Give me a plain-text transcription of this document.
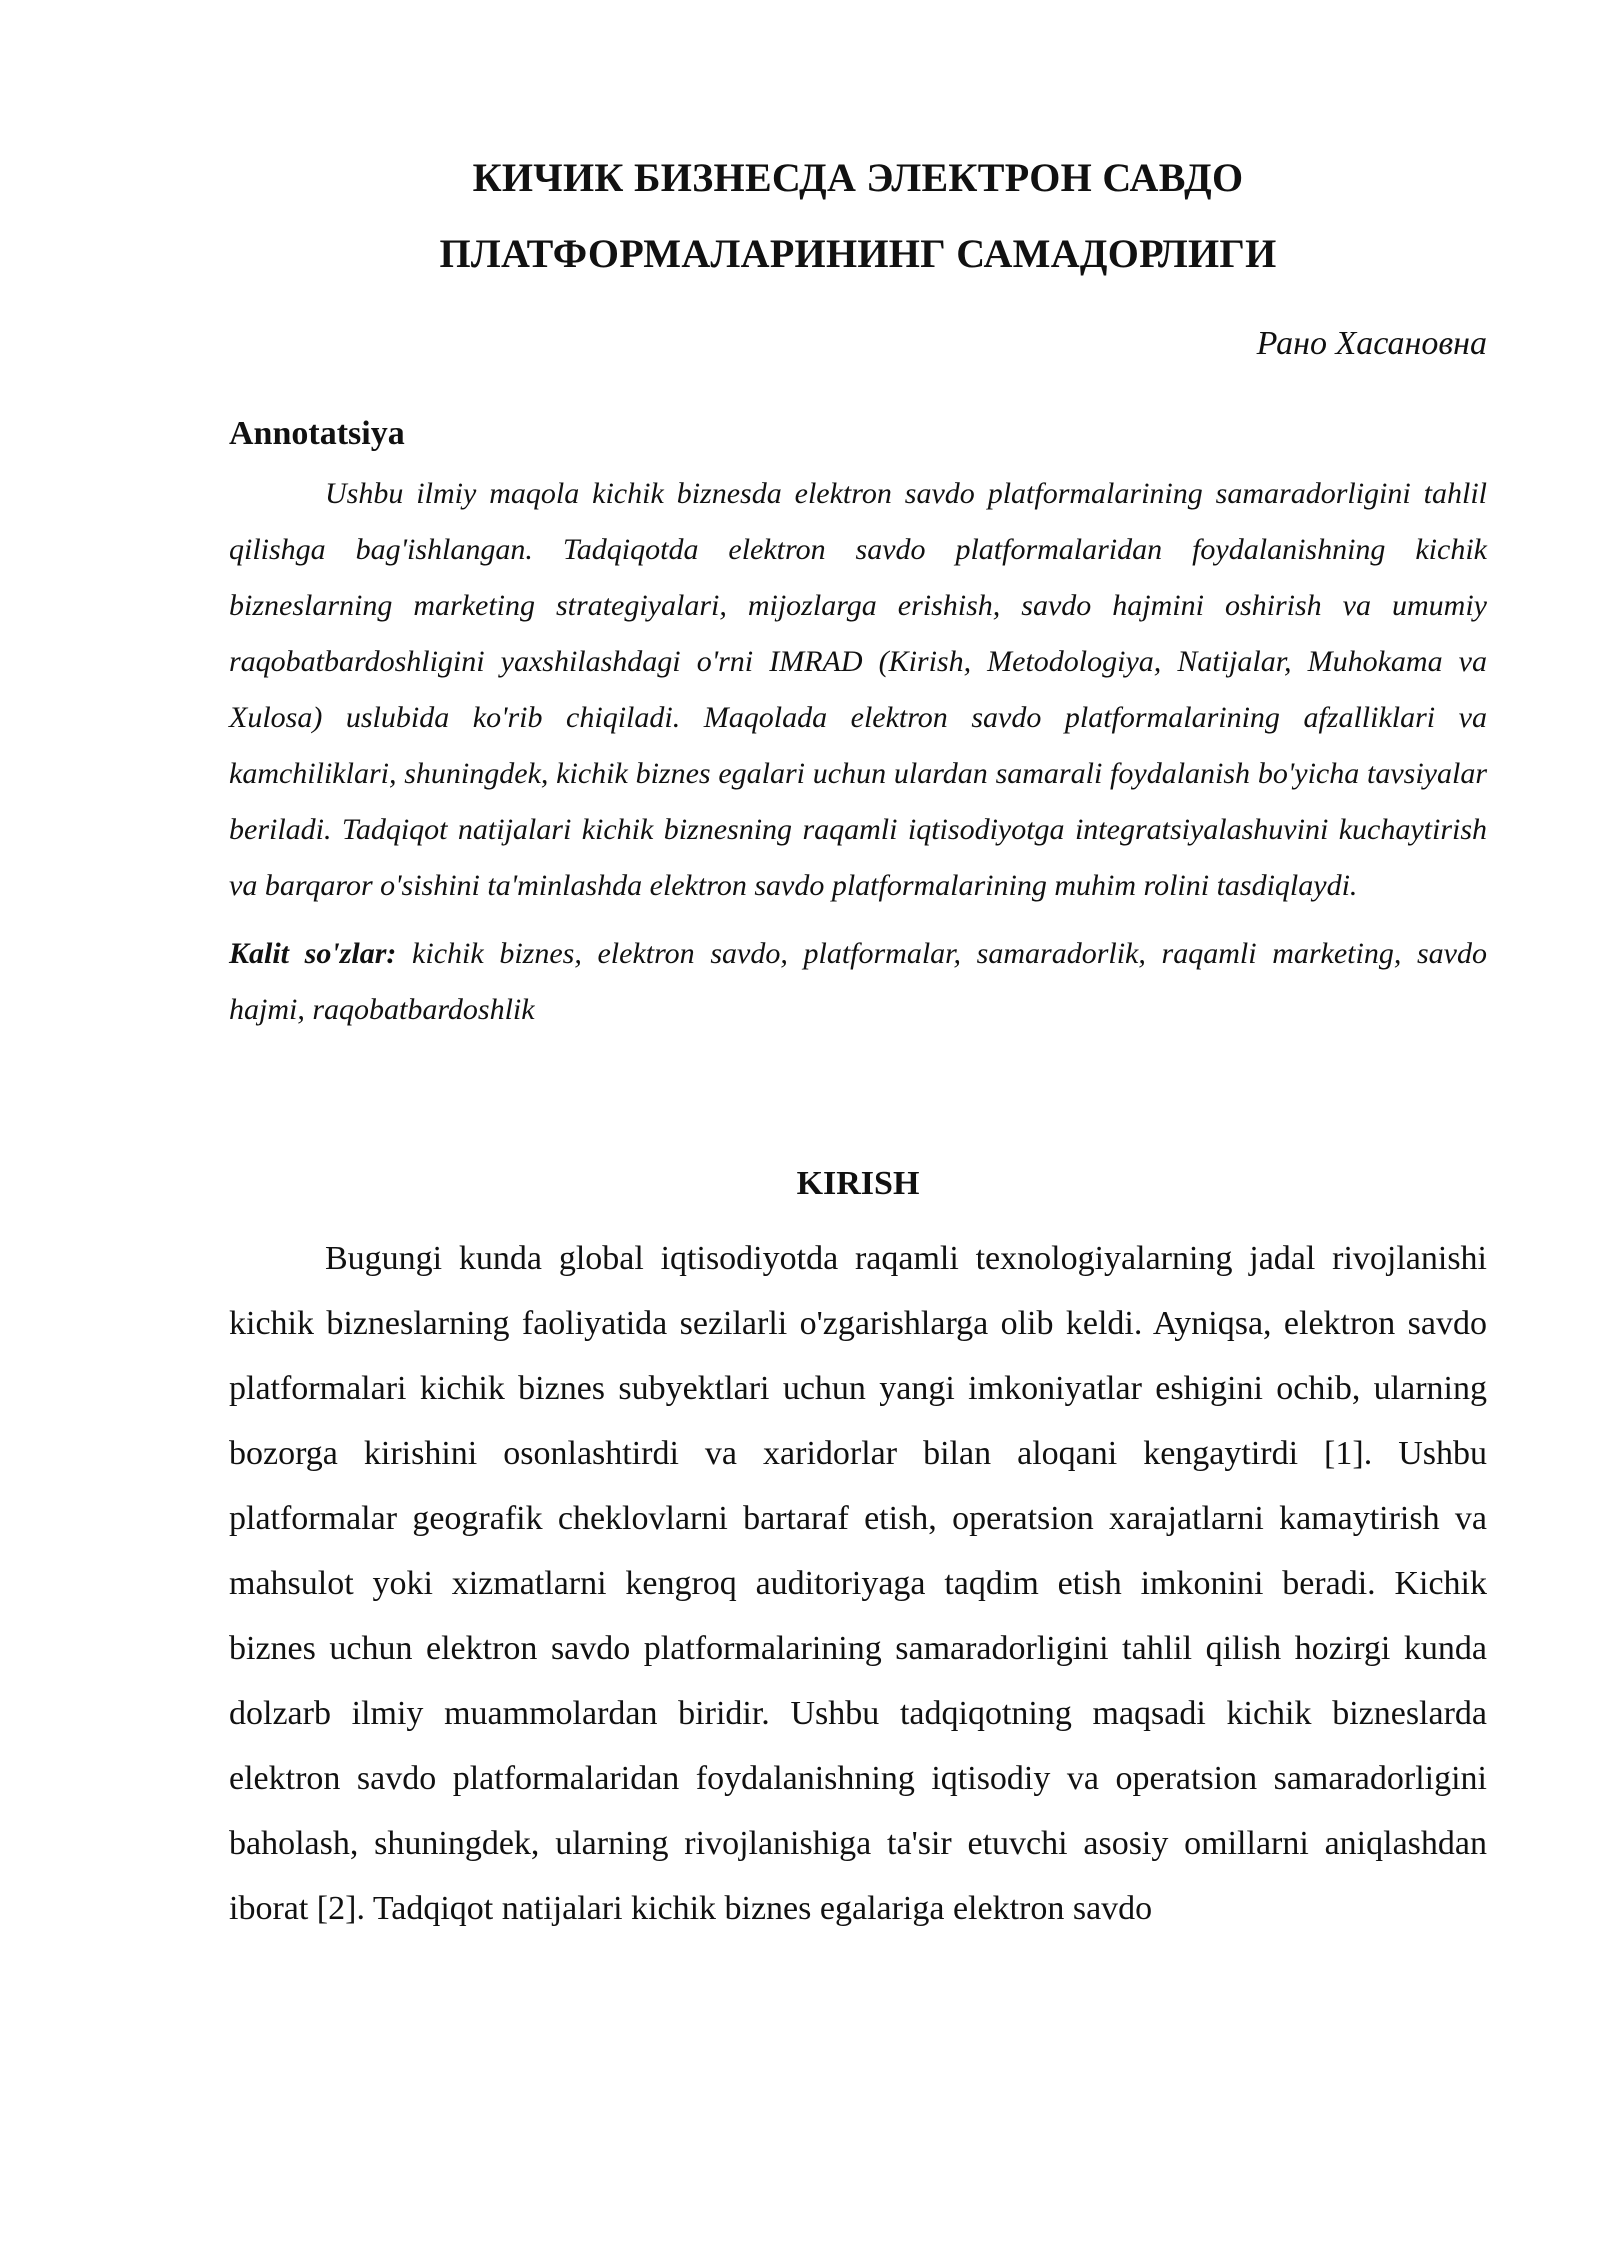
КИЧИК БИЗНЕСДА ЭЛЕКТРОН САВДО
ПЛАТФОРМАЛАРИНИНГ САМАДОРЛИГИ
Рано Хасановна
Annotatsiya

Ushbu ilmiy maqola kichik biznesda elektron savdo platformalarining samaradorligini tahlil qilishga bag'ishlangan. Tadqiqotda elektron savdo platformalaridan foydalanishning kichik bizneslarning marketing strategiyalari, mijozlarga erishish, savdo hajmini oshirish va umumiy raqobatbardoshligini yaxshilashdagi o'rni IMRAD (Kirish, Metodologiya, Natijalar, Muhokama va Xulosa) uslubida ko'rib chiqiladi. Maqolada elektron savdo platformalarining afzalliklari va kamchiliklari, shuningdek, kichik biznes egalari uchun ulardan samarali foydalanish bo'yicha tavsiyalar beriladi. Tadqiqot natijalari kichik biznesning raqamli iqtisodiyotga integratsiyalashuvini kuchaytirish va barqaror o'sishini ta'minlashda elektron savdo platformalarining muhim rolini tasdiqlaydi.

Kalit so'zlar: kichik biznes, elektron savdo, platformalar, samaradorlik, raqamli marketing, savdo hajmi, raqobatbardoshlik
KIRISH

Bugungi kunda global iqtisodiyotda raqamli texnologiyalarning jadal rivojlanishi kichik bizneslarning faoliyatida sezilarli o'zgarishlarga olib keldi. Ayniqsa, elektron savdo platformalari kichik biznes subyektlari uchun yangi imkoniyatlar eshigini ochib, ularning bozorga kirishini osonlashtirdi va xaridorlar bilan aloqani kengaytirdi [1]. Ushbu platformalar geografik cheklovlarni bartaraf etish, operatsion xarajatlarni kamaytirish va mahsulot yoki xizmatlarni kengroq auditoriyaga taqdim etish imkonini beradi. Kichik biznes uchun elektron savdo platformalarining samaradorligini tahlil qilish hozirgi kunda dolzarb ilmiy muammolardan biridir. Ushbu tadqiqotning maqsadi kichik bizneslarda elektron savdo platformalaridan foydalanishning iqtisodiy va operatsion samaradorligini baholash, shuningdek, ularning rivojlanishiga ta'sir etuvchi asosiy omillarni aniqlashdan iborat [2]. Tadqiqot natijalari kichik biznes egalariga elektron savdo
